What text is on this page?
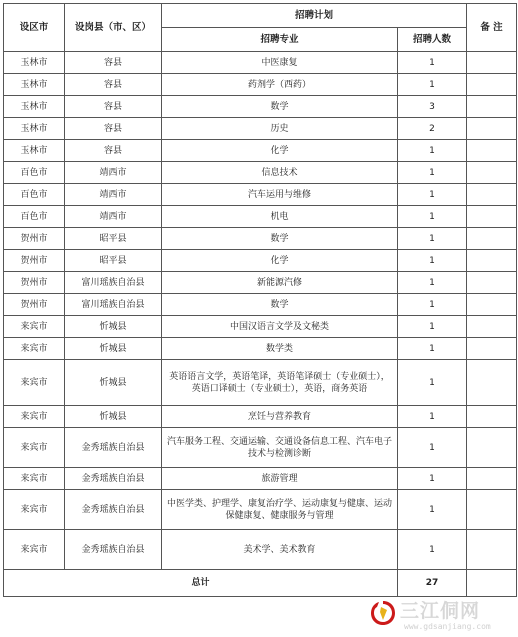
设区市	设岗县（市、区）	招聘计划		备 注
		招聘专业	招聘人数	
玉林市	容县	中医康复	1	
玉林市	容县	药剂学（西药）	1	
玉林市	容县	数学	3	
玉林市	容县	历史	2	
玉林市	容县	化学	1	
百色市	靖西市	信息技术	1	
百色市	靖西市	汽车运用与维修	1	
百色市	靖西市	机电	1	
贺州市	昭平县	数学	1	
贺州市	昭平县	化学	1	
贺州市	富川瑶族自治县	新能源汽修	1	
贺州市	富川瑶族自治县	数学	1	
来宾市	忻城县	中国汉语言文学及文秘类	1	
来宾市	忻城县	数学类	1	
来宾市	忻城县	英语语言文学，英语笔译，英语笔译硕士（专业硕士），英语口译硕士（专业硕士），英语，商务英语	1	
来宾市	忻城县	烹饪与营养教育	1	
来宾市	金秀瑶族自治县	汽车服务工程、交通运输、交通设备信息工程、汽车电子技术与检测诊断	1	
来宾市	金秀瑶族自治县	旅游管理	1	
来宾市	金秀瑶族自治县	中医学类、护理学、康复治疗学、运动康复与健康、运动保健康复、健康服务与管理	1	
来宾市	金秀瑶族自治县	美术学、美术教育	1	
总计			27	
三江侗网
www.gdsanjiang.com
